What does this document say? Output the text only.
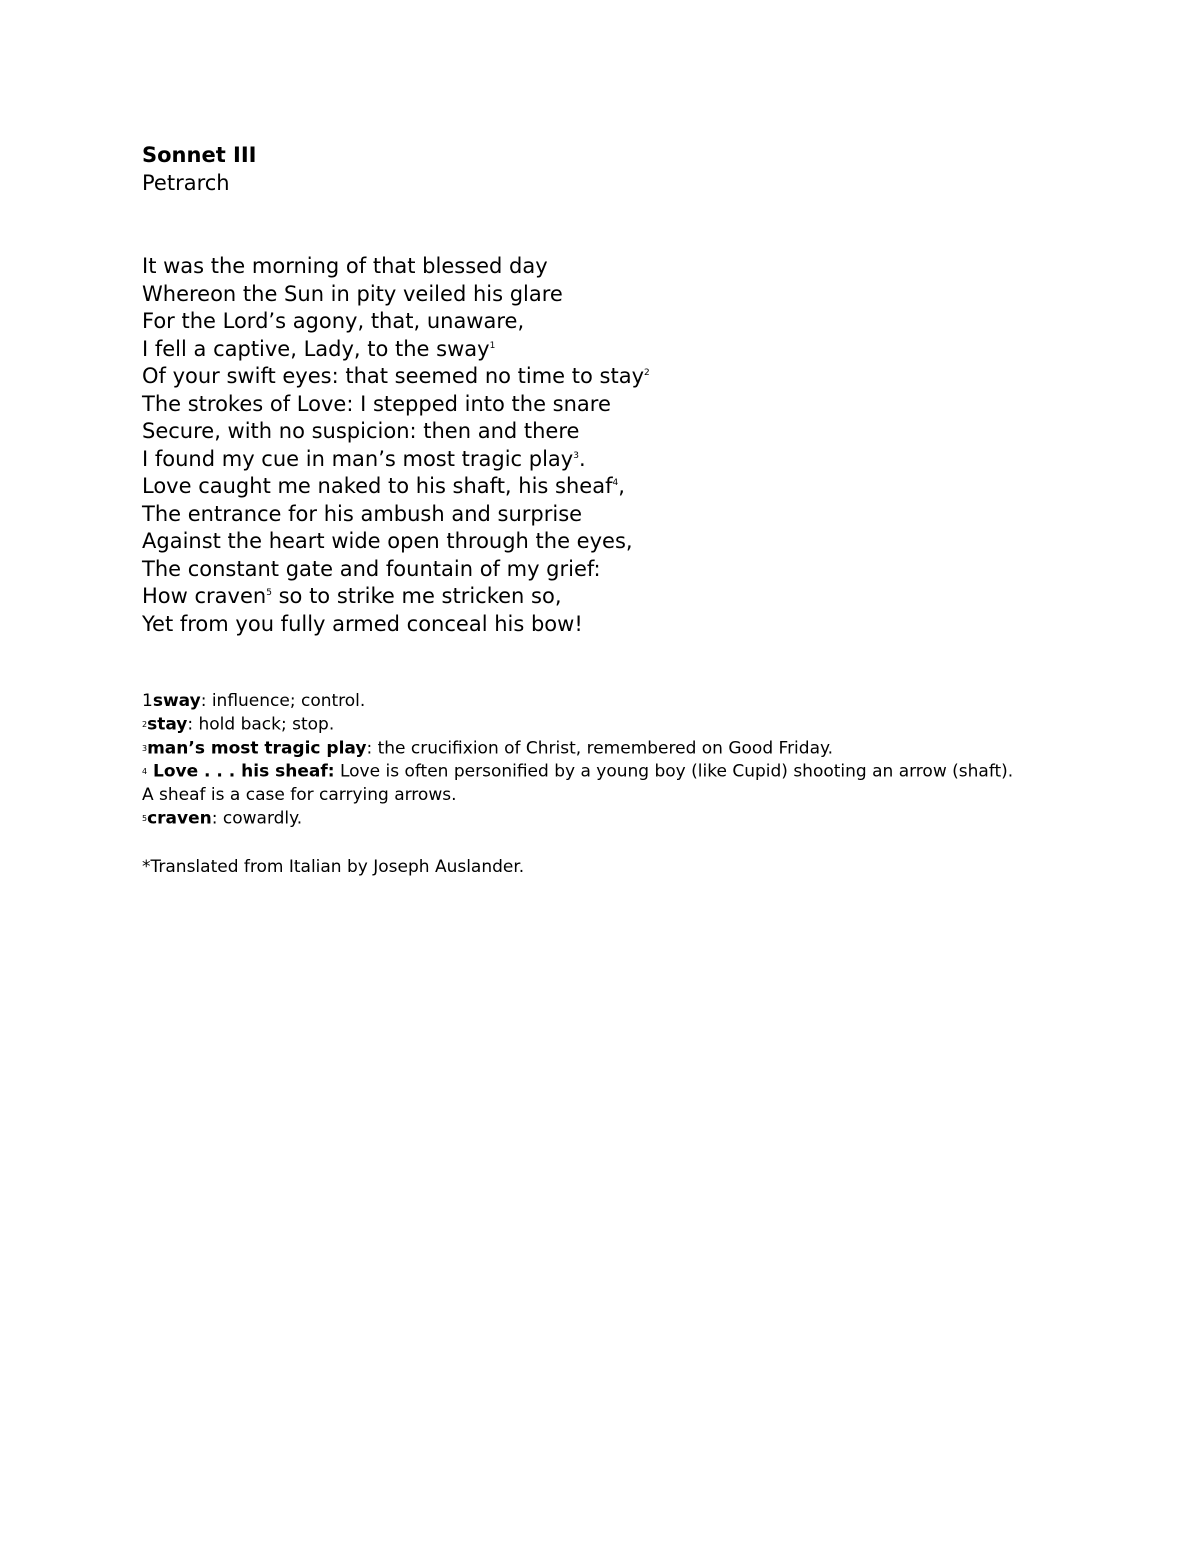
Sonnet III
Petrarch
It was the morning of that blessed day
Whereon the Sun in pity veiled his glare
For the Lord’s agony, that, unaware,
I fell a captive, Lady, to the sway$^1$
Of your swift eyes: that seemed no time to stay$^2$
The strokes of Love: I stepped into the snare
Secure, with no suspicion: then and there
I found my cue in man’s most tragic play$^3$.
Love caught me naked to his shaft, his sheaf$^4$,
The entrance for his ambush and surprise
Against the heart wide open through the eyes,
The constant gate and fountain of my grief:
How craven$^5$ so to strike me stricken so,
Yet from you fully armed conceal his bow!
1sway: influence; control.
2stay: hold back; stop.
3man’s most tragic play: the crucifixion of Christ, remembered on Good Friday.
4 Love . . . his sheaf: Love is often personified by a young boy (like Cupid) shooting an arrow (shaft). A sheaf is a case for carrying arrows.
5craven: cowardly.
*Translated from Italian by Joseph Auslander.
